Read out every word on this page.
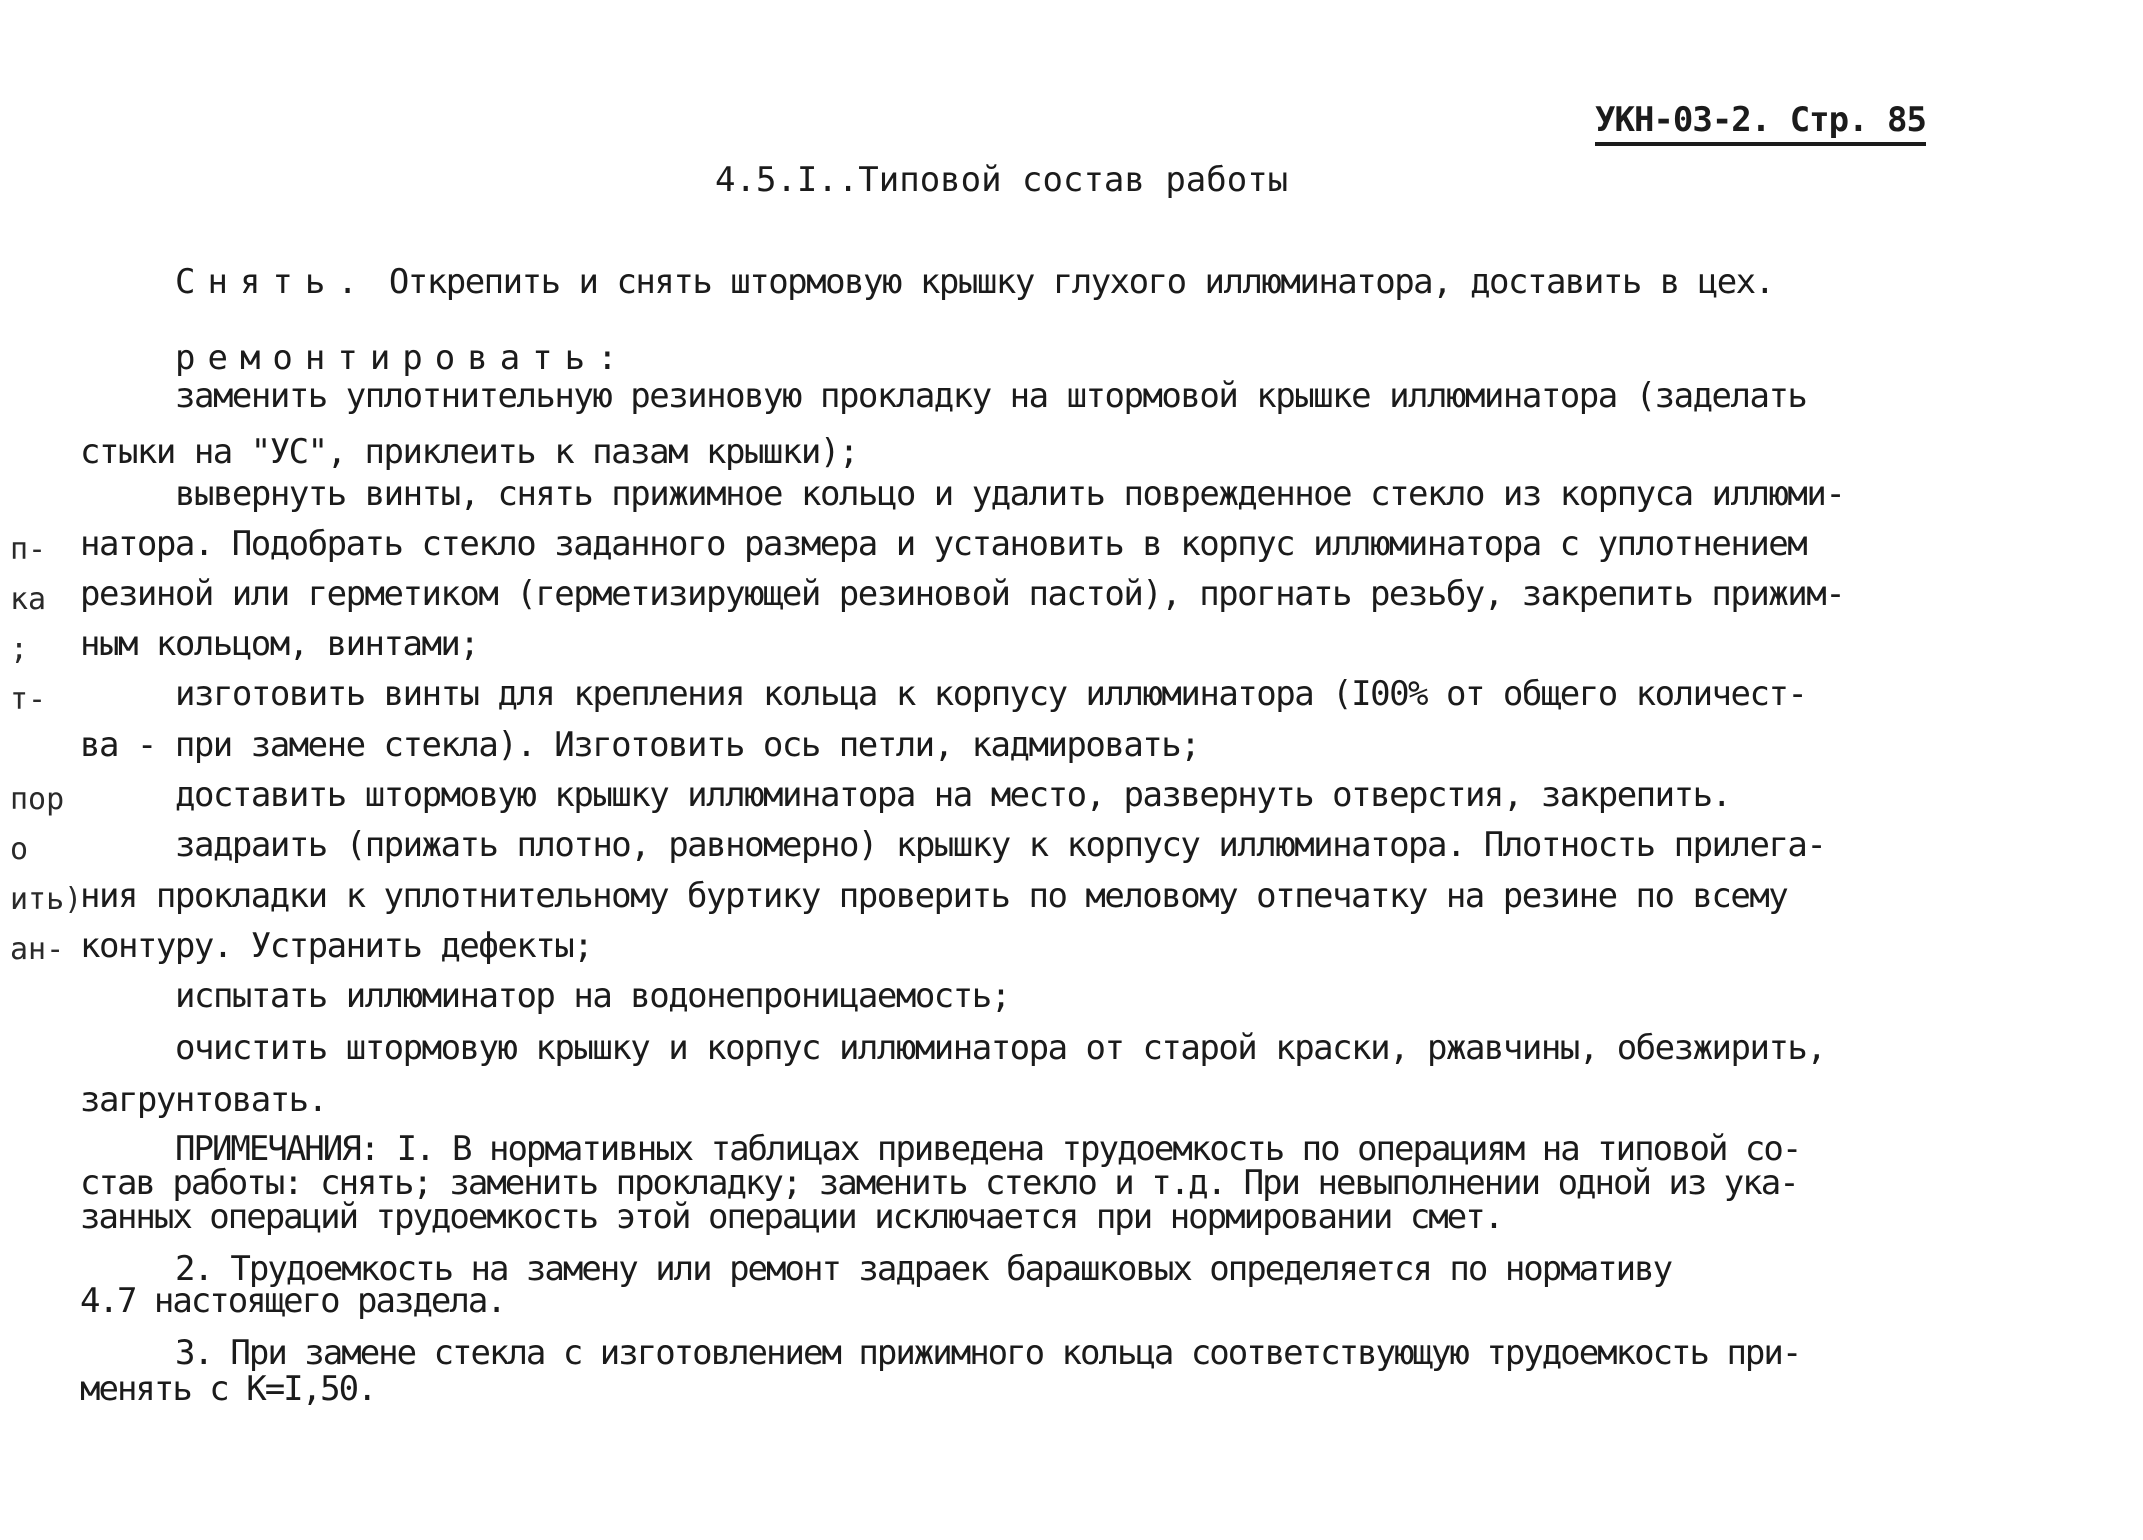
УКН-03-2. Стр. 85
4.5.I..Типовой состав работы
Снять. Открепить и снять штормовую крышку глухого иллюминатора, доставить в цех.
ремонтировать:
заменить уплотнительную резиновую прокладку на штормовой крышке иллюминатора (заделать
стыки на "УС", приклеить к пазам крышки);
вывернуть винты, снять прижимное кольцо и удалить поврежденное стекло из корпуса иллюми-
натора. Подобрать стекло заданного размера и установить в корпус иллюминатора с уплотнением
резиной или герметиком (герметизирующей резиновой пастой), прогнать резьбу, закрепить прижим-
ным кольцом, винтами;
изготовить винты для крепления кольца к корпусу иллюминатора (I00% от общего количест-
ва - при замене стекла). Изготовить ось петли, кадмировать;
доставить штормовую крышку иллюминатора на место, развернуть отверстия, закрепить.
задраить (прижать плотно, равномерно) крышку к корпусу иллюминатора. Плотность прилега-
ния прокладки к уплотнительному буртику проверить по меловому отпечатку на резине по всему
контуру. Устранить дефекты;
испытать иллюминатор на водонепроницаемость;
очистить штормовую крышку и корпус иллюминатора от старой краски, ржавчины, обезжирить,
загрунтовать.
ПРИМЕЧАНИЯ: I. В нормативных таблицах приведена трудоемкость по операциям на типовой со-
став работы: снять; заменить прокладку; заменить стекло и т.д. При невыполнении одной из ука-
занных операций трудоемкость этой операции исключается при нормировании смет.
2. Трудоемкость на замену или ремонт задраек барашковых определяется по нормативу
4.7 настоящего раздела.
3. При замене стекла с изготовлением прижимного кольца соответствующую трудоемкость при-
менять с К=I,50.
п-
ка
;
т-
пор
о
ить)
ан-
